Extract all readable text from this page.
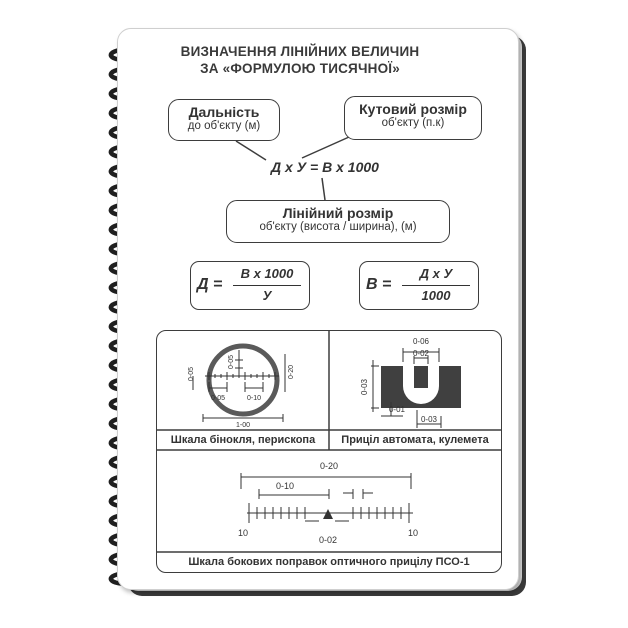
ВИЗНАЧЕННЯ ЛІНІЙНИХ ВЕЛИЧИН
ЗА «ФОРМУЛОЮ ТИСЯЧНОЇ»
Дальність
до об'єкту (м)
Кутовий розмір
об'єкту (п.к)
Д x У = В x 1000
Лінійний розмір
об'єкту (висота / ширина), (м)
Д =
В x 1000
У
В =
Д x У
1000
0-05
0-05
0-20
0-05	0-10
1-00
0-06
0-02
0-03
0-01
0-03
Шкала бінокля, перископа	Приціл автомата, кулемета
0-20
0-10
10	10
0-02
Шкала бокових поправок оптичного прицілу ПСО-1
